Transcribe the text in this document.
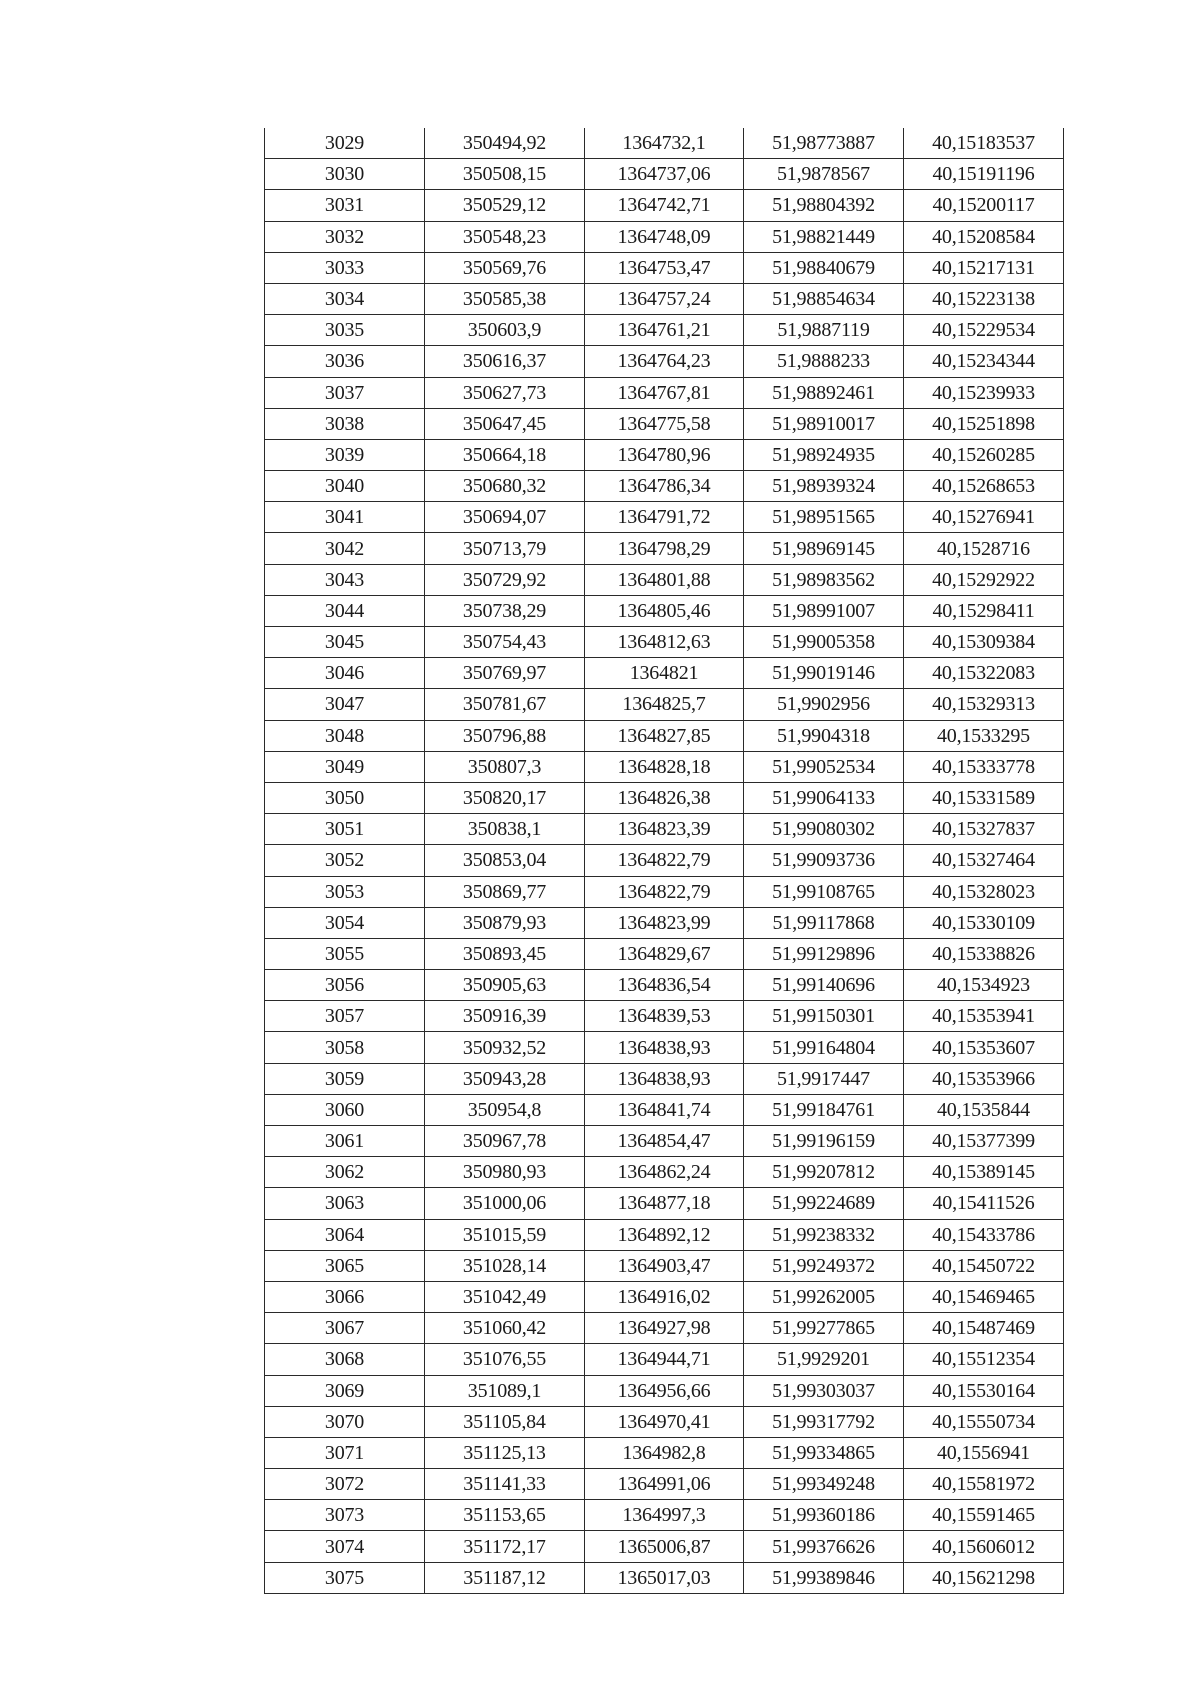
3029	350494,92	1364732,1	51,98773887	40,15183537
3030	350508,15	1364737,06	51,9878567	40,15191196
3031	350529,12	1364742,71	51,98804392	40,15200117
3032	350548,23	1364748,09	51,98821449	40,15208584
3033	350569,76	1364753,47	51,98840679	40,15217131
3034	350585,38	1364757,24	51,98854634	40,15223138
3035	350603,9	1364761,21	51,9887119	40,15229534
3036	350616,37	1364764,23	51,9888233	40,15234344
3037	350627,73	1364767,81	51,98892461	40,15239933
3038	350647,45	1364775,58	51,98910017	40,15251898
3039	350664,18	1364780,96	51,98924935	40,15260285
3040	350680,32	1364786,34	51,98939324	40,15268653
3041	350694,07	1364791,72	51,98951565	40,15276941
3042	350713,79	1364798,29	51,98969145	40,1528716
3043	350729,92	1364801,88	51,98983562	40,15292922
3044	350738,29	1364805,46	51,98991007	40,15298411
3045	350754,43	1364812,63	51,99005358	40,15309384
3046	350769,97	1364821	51,99019146	40,15322083
3047	350781,67	1364825,7	51,9902956	40,15329313
3048	350796,88	1364827,85	51,9904318	40,1533295
3049	350807,3	1364828,18	51,99052534	40,15333778
3050	350820,17	1364826,38	51,99064133	40,15331589
3051	350838,1	1364823,39	51,99080302	40,15327837
3052	350853,04	1364822,79	51,99093736	40,15327464
3053	350869,77	1364822,79	51,99108765	40,15328023
3054	350879,93	1364823,99	51,99117868	40,15330109
3055	350893,45	1364829,67	51,99129896	40,15338826
3056	350905,63	1364836,54	51,99140696	40,1534923
3057	350916,39	1364839,53	51,99150301	40,15353941
3058	350932,52	1364838,93	51,99164804	40,15353607
3059	350943,28	1364838,93	51,9917447	40,15353966
3060	350954,8	1364841,74	51,99184761	40,1535844
3061	350967,78	1364854,47	51,99196159	40,15377399
3062	350980,93	1364862,24	51,99207812	40,15389145
3063	351000,06	1364877,18	51,99224689	40,15411526
3064	351015,59	1364892,12	51,99238332	40,15433786
3065	351028,14	1364903,47	51,99249372	40,15450722
3066	351042,49	1364916,02	51,99262005	40,15469465
3067	351060,42	1364927,98	51,99277865	40,15487469
3068	351076,55	1364944,71	51,9929201	40,15512354
3069	351089,1	1364956,66	51,99303037	40,15530164
3070	351105,84	1364970,41	51,99317792	40,15550734
3071	351125,13	1364982,8	51,99334865	40,1556941
3072	351141,33	1364991,06	51,99349248	40,15581972
3073	351153,65	1364997,3	51,99360186	40,15591465
3074	351172,17	1365006,87	51,99376626	40,15606012
3075	351187,12	1365017,03	51,99389846	40,15621298
